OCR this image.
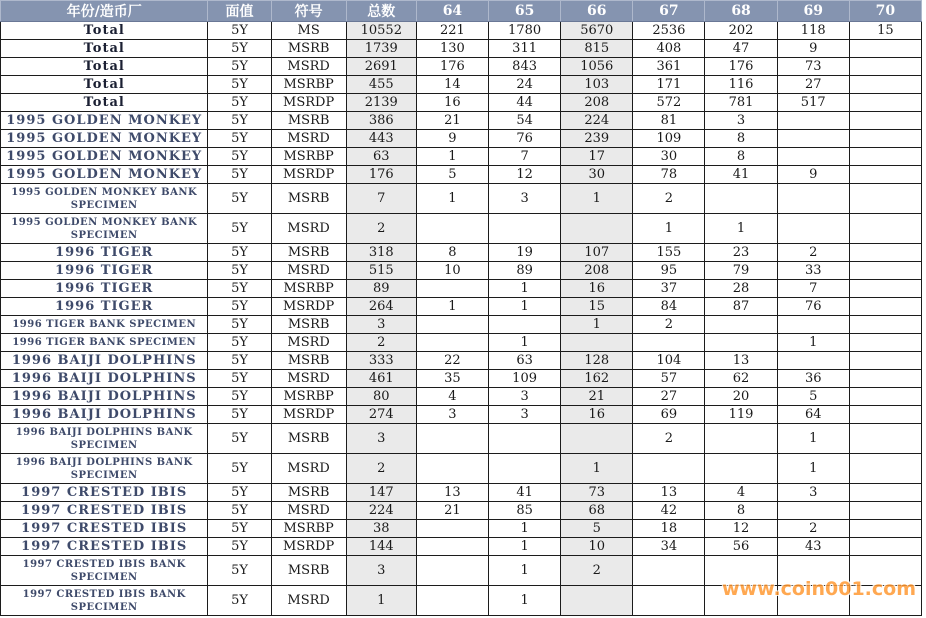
年份/造币厂	面值	符号	总数	64	65	66	67	68	69	70
Total	5Y	MS	10552	221	1780	5670	2536	202	118	15
Total	5Y	MSRB	1739	130	311	815	408	47	9	
Total	5Y	MSRD	2691	176	843	1056	361	176	73	
Total	5Y	MSRBP	455	14	24	103	171	116	27	
Total	5Y	MSRDP	2139	16	44	208	572	781	517	
1995 GOLDEN MONKEY	5Y	MSRB	386	21	54	224	81	3		
1995 GOLDEN MONKEY	5Y	MSRD	443	9	76	239	109	8		
1995 GOLDEN MONKEY	5Y	MSRBP	63	1	7	17	30	8		
1995 GOLDEN MONKEY	5Y	MSRDP	176	5	12	30	78	41	9	
1995 GOLDEN MONKEY BANK SPECIMEN	5Y	MSRB	7	1	3	1	2			
1995 GOLDEN MONKEY BANK SPECIMEN	5Y	MSRD	2				1	1		
1996 TIGER	5Y	MSRB	318	8	19	107	155	23	2	
1996 TIGER	5Y	MSRD	515	10	89	208	95	79	33	
1996 TIGER	5Y	MSRBP	89		1	16	37	28	7	
1996 TIGER	5Y	MSRDP	264	1	1	15	84	87	76	
1996 TIGER BANK SPECIMEN	5Y	MSRB	3			1	2			
1996 TIGER BANK SPECIMEN	5Y	MSRD	2		1				1	
1996 BAIJI DOLPHINS	5Y	MSRB	333	22	63	128	104	13		
1996 BAIJI DOLPHINS	5Y	MSRD	461	35	109	162	57	62	36	
1996 BAIJI DOLPHINS	5Y	MSRBP	80	4	3	21	27	20	5	
1996 BAIJI DOLPHINS	5Y	MSRDP	274	3	3	16	69	119	64	
1996 BAIJI DOLPHINS BANK SPECIMEN	5Y	MSRB	3				2		1	
1996 BAIJI DOLPHINS BANK SPECIMEN	5Y	MSRD	2			1			1	
1997 CRESTED IBIS	5Y	MSRB	147	13	41	73	13	4	3	
1997 CRESTED IBIS	5Y	MSRD	224	21	85	68	42	8		
1997 CRESTED IBIS	5Y	MSRBP	38		1	5	18	12	2	
1997 CRESTED IBIS	5Y	MSRDP	144		1	10	34	56	43	
1997 CRESTED IBIS BANK SPECIMEN	5Y	MSRB	3		1	2				
1997 CRESTED IBIS BANK SPECIMEN	5Y	MSRD	1		1					
www.coin001.com
